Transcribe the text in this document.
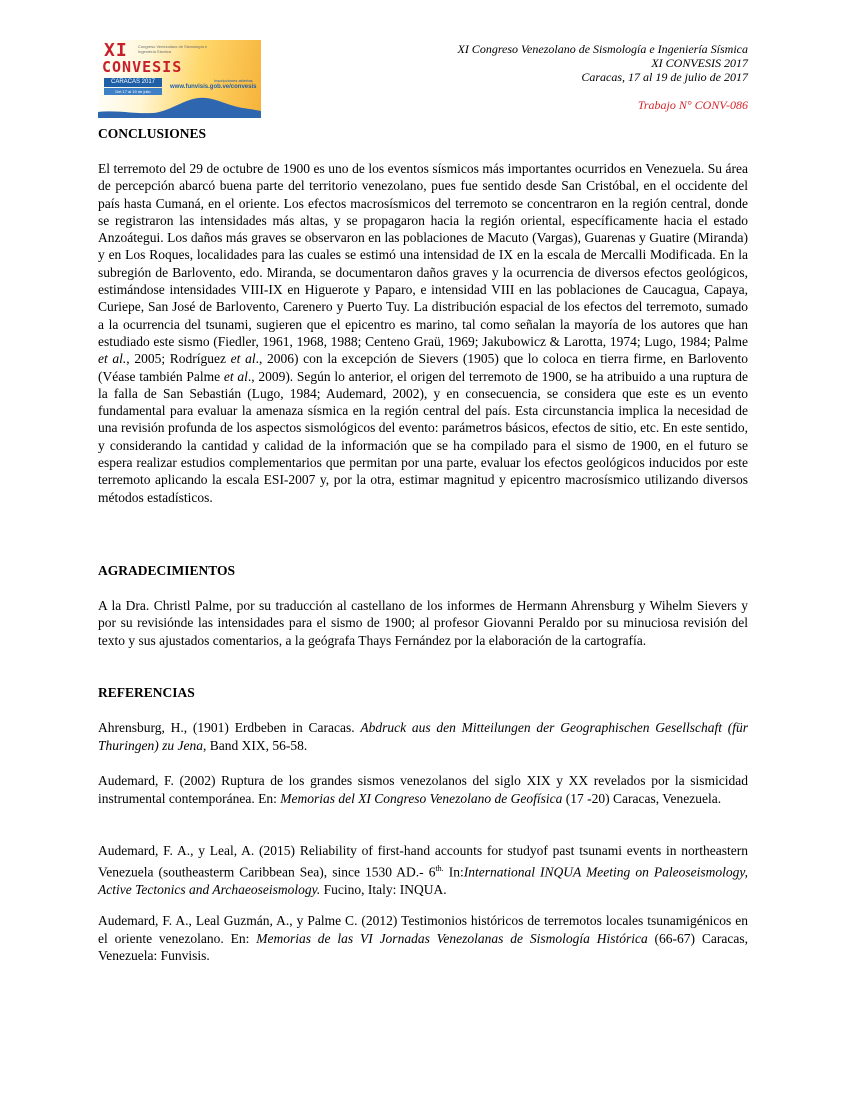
XI	Congreso Venezolano de Sismología e Ingeniería Sísmica
CONVESIS
CARACAS 2017
Del 17 al 19 de julio
Inscripciones abiertas
www.funvisis.gob.ve/convesis
XI Congreso Venezolano de Sismología e Ingeniería Sísmica
XI CONVESIS 2017
Caracas, 17 al 19 de julio de 2017
Trabajo N° CONV-086
CONCLUSIONES

El terremoto del 29 de octubre de 1900 es uno de los eventos sísmicos más importantes ocurridos en Venezuela. Su área de percepción abarcó buena parte del territorio venezolano, pues fue sentido desde San Cristóbal, en el occidente del país hasta Cumaná, en el oriente. Los efectos macrosísmicos del terremoto se concentraron en la región central, donde se registraron las intensidades más altas, y se propagaron hacia la región oriental, específicamente hacia el estado Anzoátegui. Los daños más graves se observaron en las poblaciones de Macuto (Vargas), Guarenas y Guatire (Miranda) y en Los Roques, localidades para las cuales se estimó una intensidad de IX en la escala de Mercalli Modificada. En la subregión de Barlovento, edo. Miranda, se documentaron daños graves y la ocurrencia de diversos efectos geológicos, estimándose intensidades VIII-IX en Higuerote y Paparo, e intensidad VIII en las poblaciones de Caucagua, Capaya, Curiepe, San José de Barlovento, Carenero y Puerto Tuy. La distribución espacial de los efectos del terremoto, sumado a la ocurrencia del tsunami, sugieren que el epicentro es marino, tal como señalan la mayoría de los autores que han estudiado este sismo (Fiedler, 1961, 1968, 1988; Centeno Graü, 1969; Jakubowicz & Larotta, 1974; Lugo, 1984; Palme et al., 2005; Rodríguez et al., 2006) con la excepción de Sievers (1905) que lo coloca en tierra firme, en Barlovento (Véase también Palme et al., 2009). Según lo anterior, el origen del terremoto de 1900, se ha atribuido a una ruptura de la falla de San Sebastián (Lugo, 1984; Audemard, 2002), y en consecuencia, se considera que este es un evento fundamental para evaluar la amenaza sísmica en la región central del país. Esta circunstancia implica la necesidad de una revisión profunda de los aspectos sismológicos del evento: parámetros básicos, efectos de sitio, etc. En este sentido, y considerando la cantidad y calidad de la información que se ha compilado para el sismo de 1900, en el futuro se espera realizar estudios complementarios que permitan por una parte, evaluar los efectos geológicos inducidos por este terremoto aplicando la escala ESI-2007 y, por la otra, estimar magnitud y epicentro macrosísmico utilizando diversos métodos estadísticos.

AGRADECIMIENTOS

A la Dra. Christl Palme, por su traducción al castellano de los informes de Hermann Ahrensburg y Wihelm Sievers y por su revisiónde las intensidades para el sismo de 1900; al profesor Giovanni Peraldo por su minuciosa revisión del texto y sus ajustados comentarios, a la geógrafa Thays Fernández por la elaboración de la cartografía.

REFERENCIAS

Ahrensburg, H., (1901) Erdbeben in Caracas. Abdruck aus den Mitteilungen der Geographischen Gesellschaft (für Thuringen) zu Jena, Band XIX, 56-58.

Audemard, F. (2002) Ruptura de los grandes sismos venezolanos del siglo XIX y XX revelados por la sismicidad instrumental contemporánea. En: Memorias del XI Congreso Venezolano de Geofísica (17 -20) Caracas, Venezuela.

Audemard, F. A., y Leal, A. (2015) Reliability of first-hand accounts for studyof past tsunami events in northeastern Venezuela (southeasterm Caribbean Sea), since 1530 AD.- $6^{th.}$ In:International INQUA Meeting on Paleoseismology, Active Tectonics and Archaeoseismology. Fucino, Italy: INQUA.

Audemard, F. A., Leal Guzmán, A., y Palme C. (2012) Testimonios históricos de terremotos locales tsunamigénicos en el oriente venezolano. En: Memorias de las VI Jornadas Venezolanas de Sismología Histórica (66-67) Caracas, Venezuela: Funvisis.
